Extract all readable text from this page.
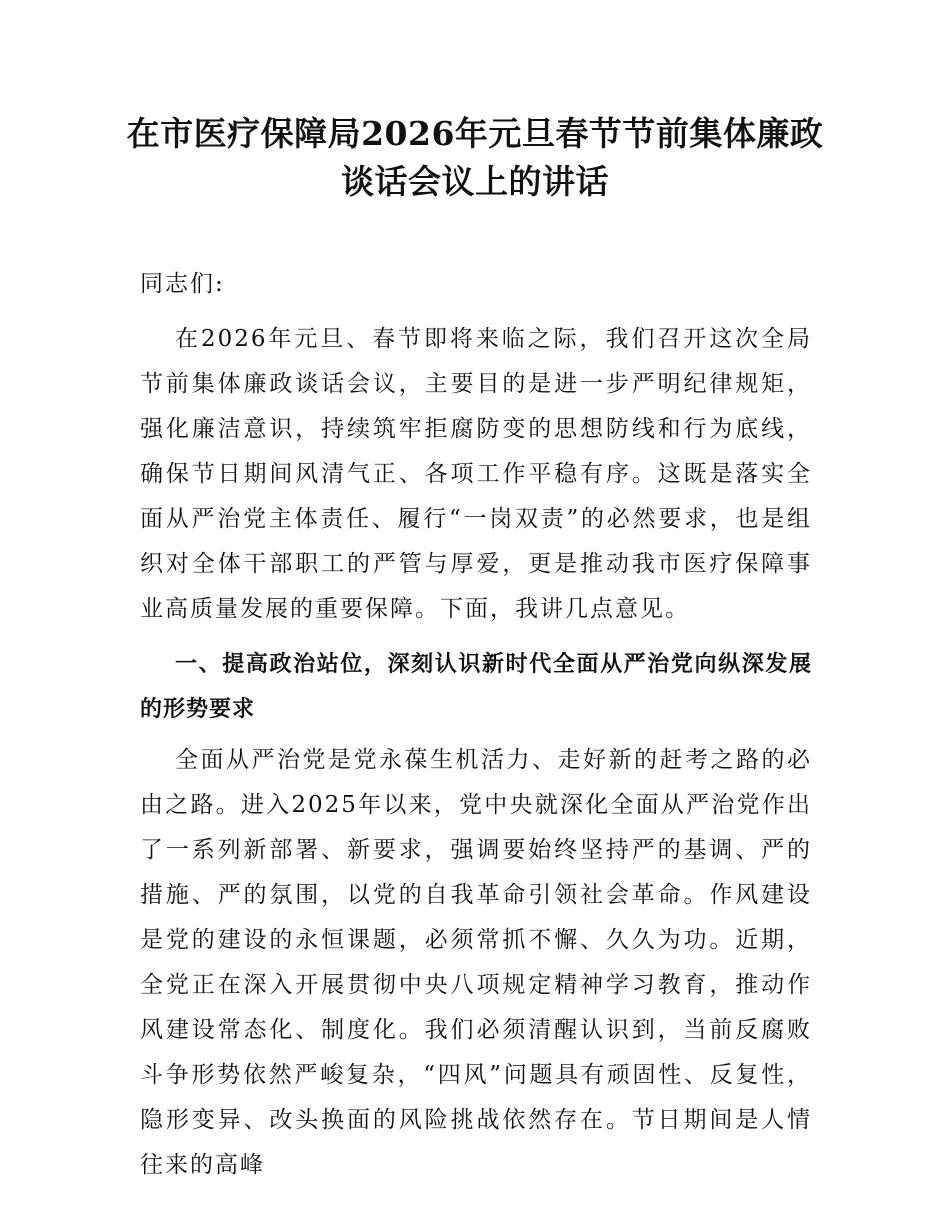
在市医疗保障局2026年元旦春节节前集体廉政谈话会议上的讲话

同志们:

在2026年元旦、春节即将来临之际，我们召开这次全局节前集体廉政谈话会议，主要目的是进一步严明纪律规矩，强化廉洁意识，持续筑牢拒腐防变的思想防线和行为底线，确保节日期间风清气正、各项工作平稳有序。这既是落实全面从严治党主体责任、履行“一岗双责”的必然要求，也是组织对全体干部职工的严管与厚爱，更是推动我市医疗保障事业高质量发展的重要保障。下面，我讲几点意见。

一、提高政治站位，深刻认识新时代全面从严治党向纵深发展的形势要求

全面从严治党是党永葆生机活力、走好新的赶考之路的必由之路。进入2025年以来，党中央就深化全面从严治党作出了一系列新部署、新要求，强调要始终坚持严的基调、严的措施、严的氛围，以党的自我革命引领社会革命。作风建设是党的建设的永恒课题，必须常抓不懈、久久为功。近期，全党正在深入开展贯彻中央八项规定精神学习教育，推动作风建设常态化、制度化。我们必须清醒认识到，当前反腐败斗争形势依然严峻复杂，“四风”问题具有顽固性、反复性，隐形变异、改头换面的风险挑战依然存在。节日期间是人情往来的高峰
